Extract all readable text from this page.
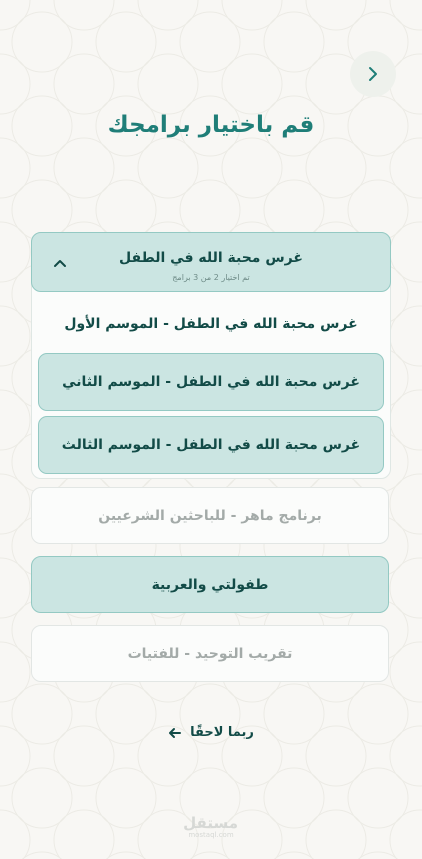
قم باختيار برامجك
غرس محبة الله في الطفل
تم اختيار 2 من 3 برامج
غرس محبة الله في الطفل - الموسم الأول
غرس محبة الله في الطفل - الموسم الثاني
غرس محبة الله في الطفل - الموسم الثالث
برنامج ماهر - للباحثين الشرعيين
طفولتي والعربية
تقريب التوحيد - للفتيات
ربما لاحقًا
مستقل
mostaql.com
